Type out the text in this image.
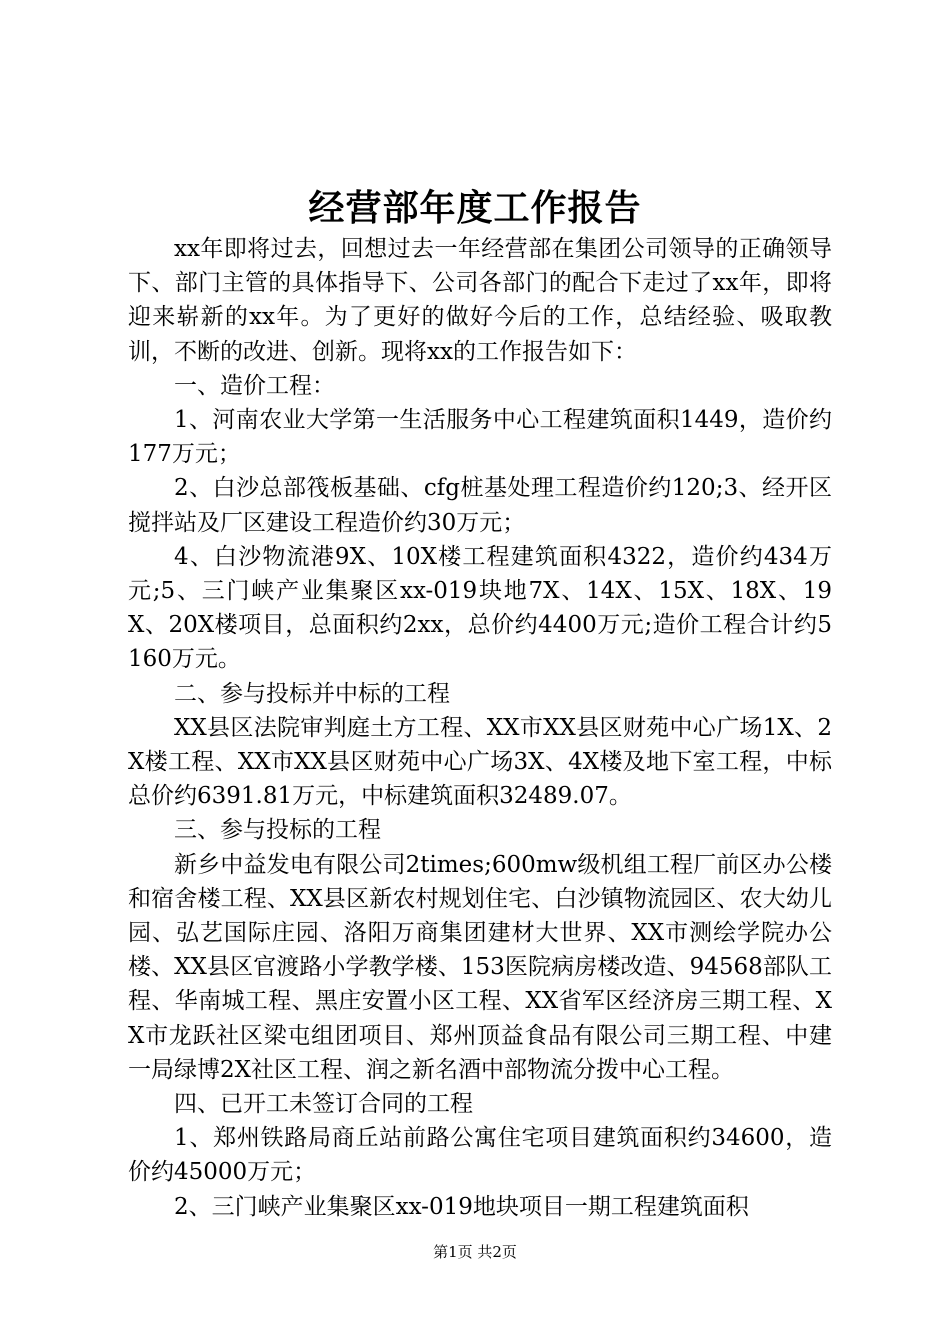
经营部年度工作报告

xx年即将过去，回想过去一年经营部在集团公司领导的正确领导下、部门主管的具体指导下、公司各部门的配合下走过了xx年，即将迎来崭新的xx年。为了更好的做好今后的工作，总结经验、吸取教训，不断的改进、创新。现将xx的工作报告如下：

一、造价工程：

1、河南农业大学第一生活服务中心工程建筑面积1449，造价约177万元；

2、白沙总部筏板基础、cfg桩基处理工程造价约120;3、经开区搅拌站及厂区建设工程造价约30万元；

4、白沙物流港9X、10X楼工程建筑面积4322，造价约434万元;5、三门峡产业集聚区xx-019块地7X、14X、15X、18X、19X、20X楼项目，总面积约2xx，总价约4400万元;造价工程合计约5160万元。

二、参与投标并中标的工程

XX县区法院审判庭土方工程、XX市XX县区财苑中心广场1X、2X楼工程、XX市XX县区财苑中心广场3X、4X楼及地下室工程，中标总价约6391.81万元，中标建筑面积32489.07。

三、参与投标的工程

新乡中益发电有限公司2times;600mw级机组工程厂前区办公楼和宿舍楼工程、XX县区新农村规划住宅、白沙镇物流园区、农大幼儿园、弘艺国际庄园、洛阳万商集团建材大世界、XX市测绘学院办公楼、XX县区官渡路小学教学楼、153医院病房楼改造、94568部队工程、华南城工程、黑庄安置小区工程、XX省军区经济房三期工程、XX市龙跃社区梁屯组团项目、郑州顶益食品有限公司三期工程、中建一局绿博2X社区工程、润之新名酒中部物流分拨中心工程。

四、已开工未签订合同的工程

1、郑州铁路局商丘站前路公寓住宅项目建筑面积约34600，造价约45000万元；

2、三门峡产业集聚区xx-019地块项目一期工程建筑面积

第1页 共2页
